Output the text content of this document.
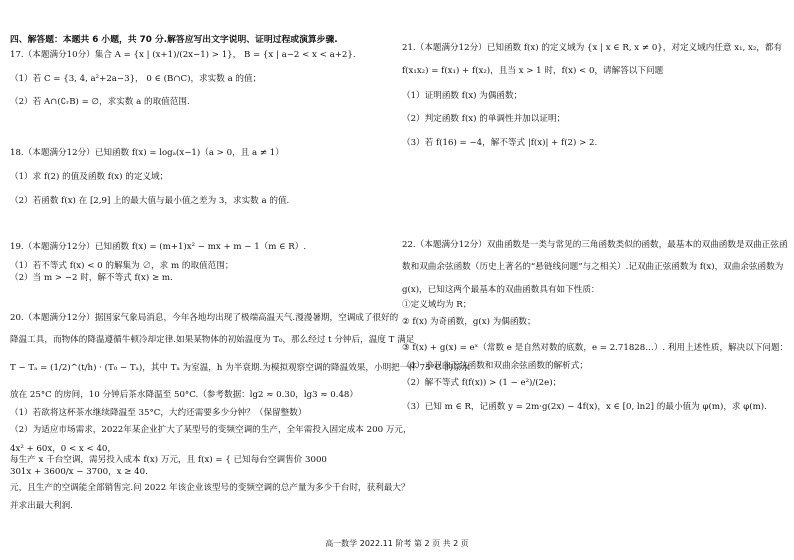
四、解答题：本题共 6 小题，共 70 分.解答应写出文字说明、证明过程或演算步骤.
17.（本题满分10分）集合 A = {x | (x+1)/(2x−1) > 1}， B = {x | a−2 < x < a+2}.
（1）若 C = {3, 4, a²+2a−3}， 0 ∈ (B∩C)，求实数 a 的值；
（2）若 A∩(∁ᵣB) = ∅，求实数 a 的取值范围.
18.（本题满分12分）已知函数 f(x) = logₐ(x−1)（a > 0，且 a ≠ 1）
（1）求 f(2) 的值及函数 f(x) 的定义域；
（2）若函数 f(x) 在 [2,9] 上的最大值与最小值之差为 3，求实数 a 的值.
19.（本题满分12分）已知函数 f(x) = (m+1)x² − mx + m − 1（m ∈ R）.
（1）若不等式 f(x) < 0 的解集为 ∅，求 m 的取值范围；
（2）当 m > −2 时，解不等式 f(x) ≥ m.
20.（本题满分12分）据国家气象局消息，今年各地均出现了极端高温天气.漫漫暑期，空调成了很好的
降温工具，而物体的降温遵循牛顿冷却定律.如果某物体的初始温度为 T₀，那么经过 t 分钟后，温度 T 满足
T − Tₐ = (1/2)^(t/h) · (T₀ − Tₐ)，其中 Tₐ 为室温，h 为半衰期.为模拟观察空调的降温效果，小明把一杯 75°C 的茶水
放在 25°C 的房间，10 分钟后茶水降温至 50°C.（参考数据：lg2 ≈ 0.30，lg3 ≈ 0.48）
（1）若欲将这杯茶水继续降温至 35°C，大约还需要多少分钟？（保留整数）
（2）为适应市场需求，2022年某企业扩大了某型号的变频空调的生产，全年需投入固定成本 200 万元，
4x² + 60x，0 < x < 40，
每生产 x 千台空调，需另投入成本 f(x) 万元，且 f(x) = { 已知每台空调售价 3000
301x + 3600/x − 3700，x ≥ 40.
元，且生产的空调能全部销售完.问 2022 年该企业该型号的变频空调的总产量为多少千台时，获利最大？
并求出最大利润.
21.（本题满分12分）已知函数 f(x) 的定义域为 {x | x ∈ R, x ≠ 0}，对定义域内任意 x₁, x₂，都有
f(x₁x₂) = f(x₁) + f(x₂)，且当 x > 1 时，f(x) < 0，请解答以下问题
（1）证明函数 f(x) 为偶函数；
（2）判定函数 f(x) 的单调性并加以证明；
（3）若 f(16) = −4，解不等式 |f(x)| + f(2) > 2.
22.（本题满分12分）双曲函数是一类与常见的三角函数类似的函数，最基本的双曲函数是双曲正弦函
数和双曲余弦函数（历史上著名的“悬链线问题”与之相关）.记双曲正弦函数为 f(x)，双曲余弦函数为
g(x)，已知这两个最基本的双曲函数具有如下性质：
①定义域均为 R；
② f(x) 为奇函数，g(x) 为偶函数；
③ f(x) + g(x) = eˣ（常数 e 是自然对数的底数，e = 2.71828…）. 利用上述性质，解决以下问题：
（1）求双曲正弦函数和双曲余弦函数的解析式；
（2）解不等式 f(f(x)) > (1 − e²)/(2e)；
（3）已知 m ∈ R，记函数 y = 2m·g(2x) − 4f(x)，x ∈ [0, ln2] 的最小值为 φ(m)，求 φ(m).
高一数学 2022.11 阶考 第 2 页 共 2 页
